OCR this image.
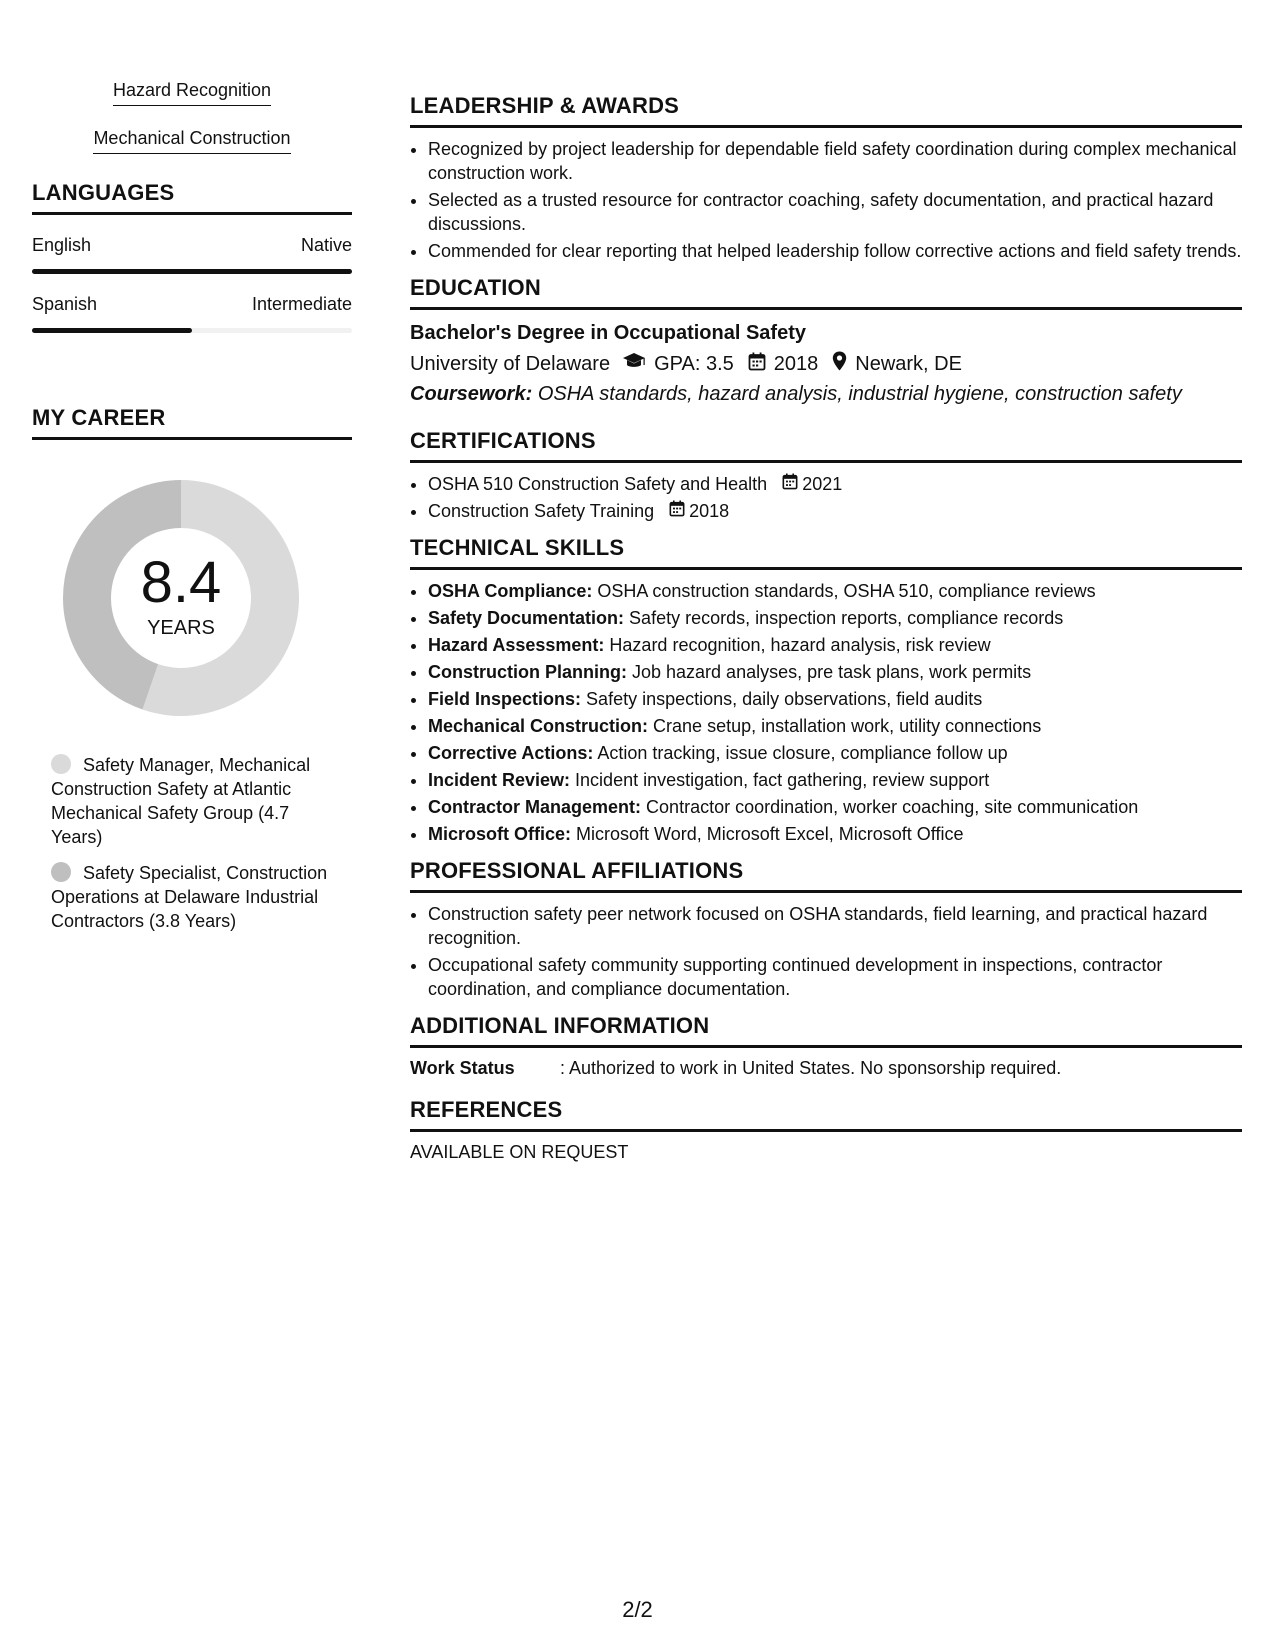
Hazard Recognition
Mechanical Construction
LANGUAGES
English	Native
Spanish	Intermediate
MY CAREER
8.4
YEARS
Safety Manager, Mechanical Construction Safety at Atlantic Mechanical Safety Group (4.7 Years)
Safety Specialist, Construction Operations at Delaware Industrial Contractors (3.8 Years)
LEADERSHIP & AWARDS
• Recognized by project leadership for dependable field safety coordination during complex mechanical construction work.
• Selected as a trusted resource for contractor coaching, safety documentation, and practical hazard discussions.
• Commended for clear reporting that helped leadership follow corrective actions and field safety trends.
EDUCATION
Bachelor's Degree in Occupational Safety
University of Delaware GPA: 3.5 2018 Newark, DE
Coursework: OSHA standards, hazard analysis, industrial hygiene, construction safety
CERTIFICATIONS
• OSHA 510 Construction Safety and Health 2021
• Construction Safety Training 2018
TECHNICAL SKILLS
• OSHA Compliance: OSHA construction standards, OSHA 510, compliance reviews
• Safety Documentation: Safety records, inspection reports, compliance records
• Hazard Assessment: Hazard recognition, hazard analysis, risk review
• Construction Planning: Job hazard analyses, pre task plans, work permits
• Field Inspections: Safety inspections, daily observations, field audits
• Mechanical Construction: Crane setup, installation work, utility connections
• Corrective Actions: Action tracking, issue closure, compliance follow up
• Incident Review: Incident investigation, fact gathering, review support
• Contractor Management: Contractor coordination, worker coaching, site communication
• Microsoft Office: Microsoft Word, Microsoft Excel, Microsoft Office
PROFESSIONAL AFFILIATIONS
• Construction safety peer network focused on OSHA standards, field learning, and practical hazard recognition.
• Occupational safety community supporting continued development in inspections, contractor coordination, and compliance documentation.
ADDITIONAL INFORMATION
Work Status	: Authorized to work in United States. No sponsorship required.
REFERENCES
AVAILABLE ON REQUEST
2/2
